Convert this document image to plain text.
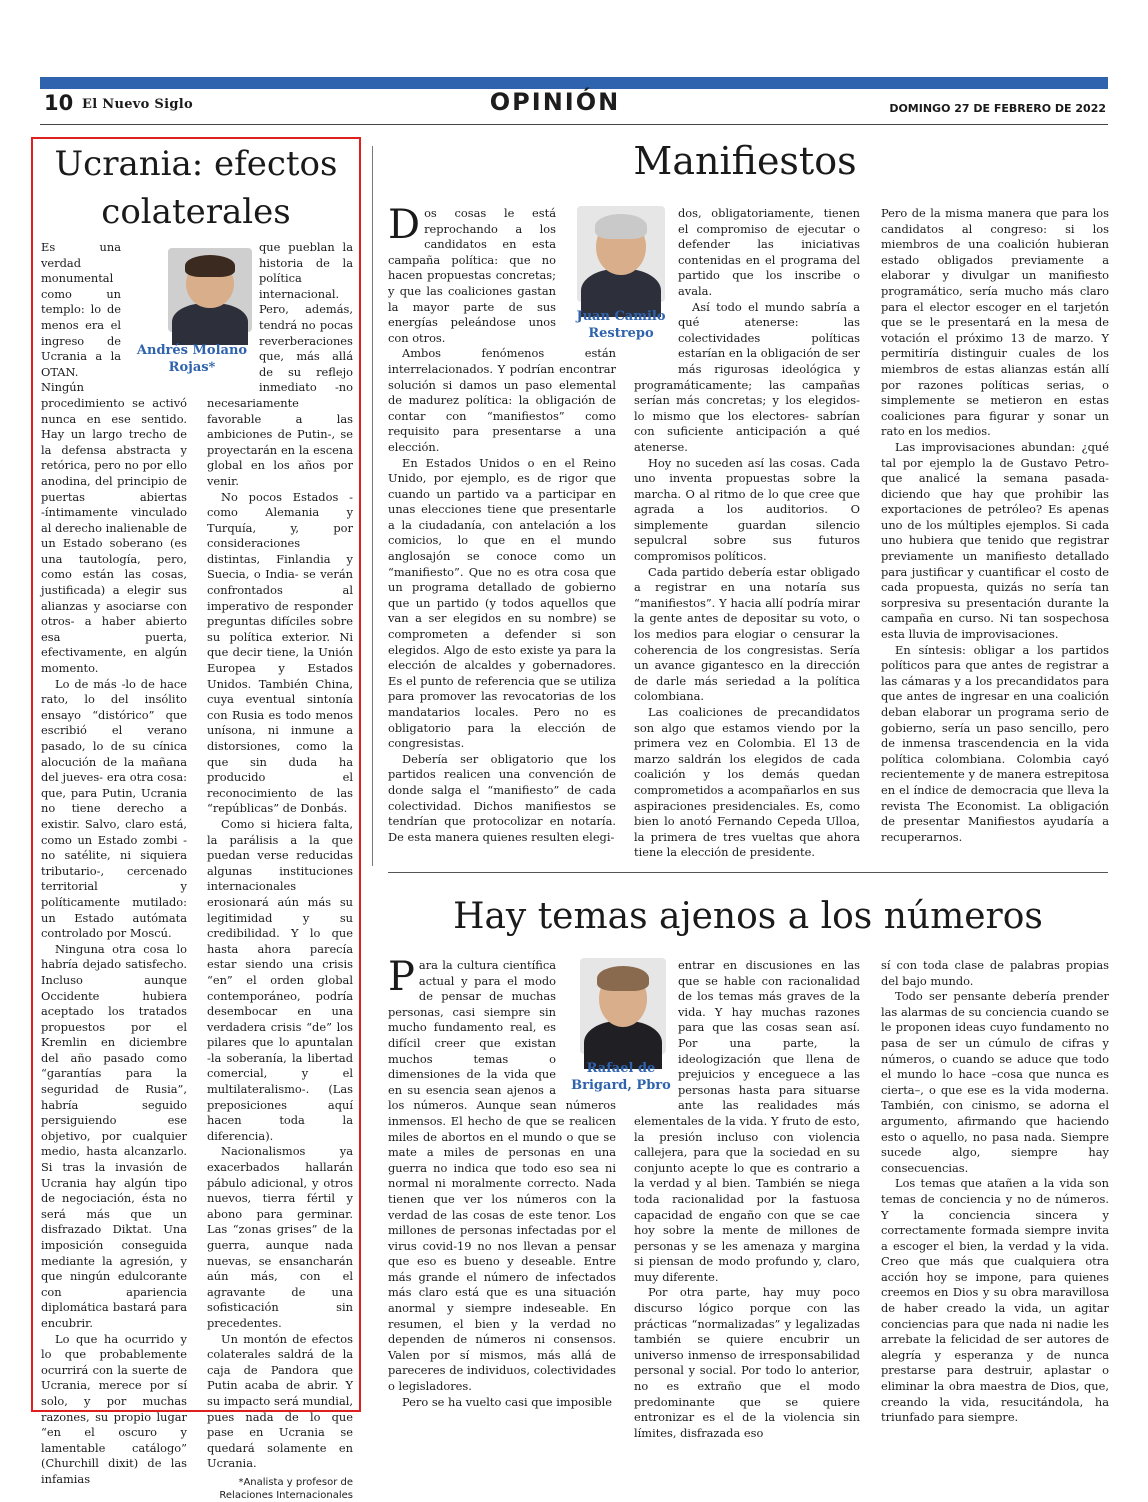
10 El Nuevo Siglo	OPINIÓN	DOMINGO 27 DE FEBRERO DE 2022
Ucrania: efectos
colaterales
Andrés Molano Rojas*

Es una verdad monumental como un templo: lo de menos era el ingreso de Ucrania a la OTAN. Ningún procedimiento se activó nunca en ese sentido. Hay un largo trecho de la defensa abstracta y retórica, pero no por ello anodina, del principio de puertas abiertas -íntimamente vinculado al derecho inalienable de un Estado soberano (es una tautología, pero, como están las cosas, justificada) a elegir sus alianzas y asociarse con otros- a haber abierto esa puerta, efectivamente, en algún momento.

Lo de más -lo de hace rato, lo del insólito ensayo “distórico” que escribió el verano pasado, lo de su cínica alocución de la mañana del jueves- era otra cosa: que, para Putin, Ucrania no tiene derecho a existir. Salvo, claro está, como un Estado zombi -no satélite, ni siquiera tributario-, cercenado territorial y políticamente mutilado: un Estado autómata controlado por Moscú.

Ninguna otra cosa lo habría dejado satisfecho. Incluso aunque Occidente hubiera aceptado los tratados propuestos por el Kremlin en diciembre del año pasado como “garantías para la seguridad de Rusia”, habría seguido persiguiendo ese objetivo, por cualquier medio, hasta alcanzarlo. Si tras la invasión de Ucrania hay algún tipo de negociación, ésta no será más que un disfrazado Diktat. Una imposición conseguida mediante la agresión, y que ningún edulcorante con apariencia diplomática bastará para encubrir.

Lo que ha ocurrido y lo que probablemente ocurrirá con la suerte de Ucrania, merece por sí solo, y por muchas razones, su propio lugar “en el oscuro y lamentable catálogo” (Churchill dixit) de las infamias

que pueblan la historia de la política internacional. Pero, además, tendrá no pocas reverberaciones que, más allá de su reflejo inmediato -no necesariamente favorable a las ambiciones de Putin-, se proyectarán en la escena global en los años por venir.

No pocos Estados -como Alemania y Turquía, y, por consideraciones distintas, Finlandia y Suecia, o India- se verán confrontados al imperativo de responder preguntas difíciles sobre su política exterior. Ni que decir tiene, la Unión Europea y Estados Unidos. También China, cuya eventual sintonía con Rusia es todo menos unísona, ni inmune a distorsiones, como la que sin duda ha producido el reconocimiento de las “repúblicas” de Donbás.

Como si hiciera falta, la parálisis a la que puedan verse reducidas algunas instituciones internacionales erosionará aún más su legitimidad y su credibilidad. Y lo que hasta ahora parecía estar siendo una crisis “en” el orden global contemporáneo, podría desembocar en una verdadera crisis “de” los pilares que lo apuntalan -la soberanía, la libertad comercial, y el multilateralismo-. (Las preposiciones aquí hacen toda la diferencia).

Nacionalismos ya exacerbados hallarán pábulo adicional, y otros nuevos, tierra fértil y abono para germinar. Las “zonas grises” de la guerra, aunque nada nuevas, se ensancharán aún más, con el agravante de una sofisticación sin precedentes.

Un montón de efectos colaterales saldrá de la caja de Pandora que Putin acaba de abrir. Y su impacto será mundial, pues nada de lo que pase en Ucrania se quedará solamente en Ucrania.

*Analista y profesor de Relaciones Internacionales
Manifiestos
Juan Camilo Restrepo

Dos cosas le está reprochando a los candidatos en esta campaña política: que no hacen propuestas concretas; y que las coaliciones gastan la mayor parte de sus energías peleándose unos con otros.

Ambos fenómenos están interrelacionados. Y podrían encontrar solución si damos un paso elemental de madurez política: la obligación de contar con “manifiestos” como requisito para presentarse a una elección.

En Estados Unidos o en el Reino Unido, por ejemplo, es de rigor que cuando un partido va a participar en unas elecciones tiene que presentarle a la ciudadanía, con antelación a los comicios, lo que en el mundo anglosajón se conoce como un “manifiesto”. Que no es otra cosa que un programa detallado de gobierno que un partido (y todos aquellos que van a ser elegidos en su nombre) se comprometen a defender si son elegidos. Algo de esto existe ya para la elección de alcaldes y gobernadores. Es el punto de referencia que se utiliza para promover las revocatorias de los mandatarios locales. Pero no es obligatorio para la elección de congresistas.

Debería ser obligatorio que los partidos realicen una convención de donde salga el “manifiesto” de cada colectividad. Dichos manifiestos se tendrían que protocolizar en notaría. De esta manera quienes resulten elegi-

dos, obligatoriamente, tienen el compromiso de ejecutar o defender las iniciativas contenidas en el programa del partido que los inscribe o avala.

Así todo el mundo sabría a qué atenerse: las colectividades políticas estarían en la obligación de ser más rigurosas ideológica y programáticamente; las campañas serían más concretas; y los elegidos- lo mismo que los electores- sabrían con suficiente anticipación a qué atenerse.

Hoy no suceden así las cosas. Cada uno inventa propuestas sobre la marcha. O al ritmo de lo que cree que agrada a los auditorios. O simplemente guardan silencio sepulcral sobre sus futuros compromisos políticos.

Cada partido debería estar obligado a registrar en una notaría sus “manifiestos”. Y hacia allí podría mirar la gente antes de depositar su voto, o los medios para elogiar o censurar la coherencia de los congresistas. Sería un avance gigantesco en la dirección de darle más seriedad a la política colombiana.

Las coaliciones de precandidatos son algo que estamos viendo por la primera vez en Colombia. El 13 de marzo saldrán los elegidos de cada coalición y los demás quedan comprometidos a acompañarlos en sus aspiraciones presidenciales. Es, como bien lo anotó Fernando Cepeda Ulloa, la primera de tres vueltas que ahora tiene la elección de presidente.

Pero de la misma manera que para los candidatos al congreso: si los miembros de una coalición hubieran estado obligados previamente a elaborar y divulgar un manifiesto programático, sería mucho más claro para el elector escoger en el tarjetón que se le presentará en la mesa de votación el próximo 13 de marzo. Y permitiría distinguir cuales de los miembros de estas alianzas están allí por razones políticas serias, o simplemente se metieron en estas coaliciones para figurar y sonar un rato en los medios.

Las improvisaciones abundan: ¿qué tal por ejemplo la de Gustavo Petro- que analicé la semana pasada- diciendo que hay que prohibir las exportaciones de petróleo? Es apenas uno de los múltiples ejemplos. Si cada uno hubiera que tenido que registrar previamente un manifiesto detallado para justificar y cuantificar el costo de cada propuesta, quizás no sería tan sorpresiva su presentación durante la campaña en curso. Ni tan sospechosa esta lluvia de improvisaciones.

En síntesis: obligar a los partidos políticos para que antes de registrar a las cámaras y a los precandidatos para que antes de ingresar en una coalición deban elaborar un programa serio de gobierno, sería un paso sencillo, pero de inmensa trascendencia en la vida política colombiana. Colombia cayó recientemente y de manera estrepitosa en el índice de democracia que lleva la revista The Economist. La obligación de presentar Manifiestos ayudaría a recuperarnos.

Hay temas ajenos a los números
Rafael de Brigard, Pbro

Para la cultura científica actual y para el modo de pensar de muchas personas, casi siempre sin mucho fundamento real, es difícil creer que existan muchos temas o dimensiones de la vida que en su esencia sean ajenos a los números. Aunque sean números inmensos. El hecho de que se realicen miles de abortos en el mundo o que se mate a miles de personas en una guerra no indica que todo eso sea ni normal ni moralmente correcto. Nada tienen que ver los números con la verdad de las cosas de este tenor. Los millones de personas infectadas por el virus covid-19 no nos llevan a pensar que eso es bueno y deseable. Entre más grande el número de infectados más claro está que es una situación anormal y siempre indeseable. En resumen, el bien y la verdad no dependen de números ni consensos. Valen por sí mismos, más allá de pareceres de individuos, colectividades o legisladores.

Pero se ha vuelto casi que imposible

entrar en discusiones en las que se hable con racionalidad de los temas más graves de la vida. Y hay muchas razones para que las cosas sean así. Por una parte, la ideologización que llena de prejuicios y enceguece a las personas hasta para situarse ante las realidades más elementales de la vida. Y fruto de esto, la presión incluso con violencia callejera, para que la sociedad en su conjunto acepte lo que es contrario a la verdad y al bien. También se niega toda racionalidad por la fastuosa capacidad de engaño con que se cae hoy sobre la mente de millones de personas y se les amenaza y margina si piensan de modo profundo y, claro, muy diferente.

Por otra parte, hay muy poco discurso lógico porque con las prácticas “normalizadas” y legalizadas también se quiere encubrir un universo inmenso de irresponsabilidad personal y social. Por todo lo anterior, no es extraño que el modo predominante que se quiere entronizar es el de la violencia sin límites, disfrazada eso

sí con toda clase de palabras propias del bajo mundo.

Todo ser pensante debería prender las alarmas de su conciencia cuando se le proponen ideas cuyo fundamento no pasa de ser un cúmulo de cifras y números, o cuando se aduce que todo el mundo lo hace –cosa que nunca es cierta–, o que ese es la vida moderna. También, con cinismo, se adorna el argumento, afirmando que haciendo esto o aquello, no pasa nada. Siempre sucede algo, siempre hay consecuencias.

Los temas que atañen a la vida son temas de conciencia y no de números. Y la conciencia sincera y correctamente formada siempre invita a escoger el bien, la verdad y la vida. Creo que más que cualquiera otra acción hoy se impone, para quienes creemos en Dios y su obra maravillosa de haber creado la vida, un agitar conciencias para que nada ni nadie les arrebate la felicidad de ser autores de alegría y esperanza y de nunca prestarse para destruir, aplastar o eliminar la obra maestra de Dios, que, creando la vida, resucitándola, ha triunfado para siempre.
